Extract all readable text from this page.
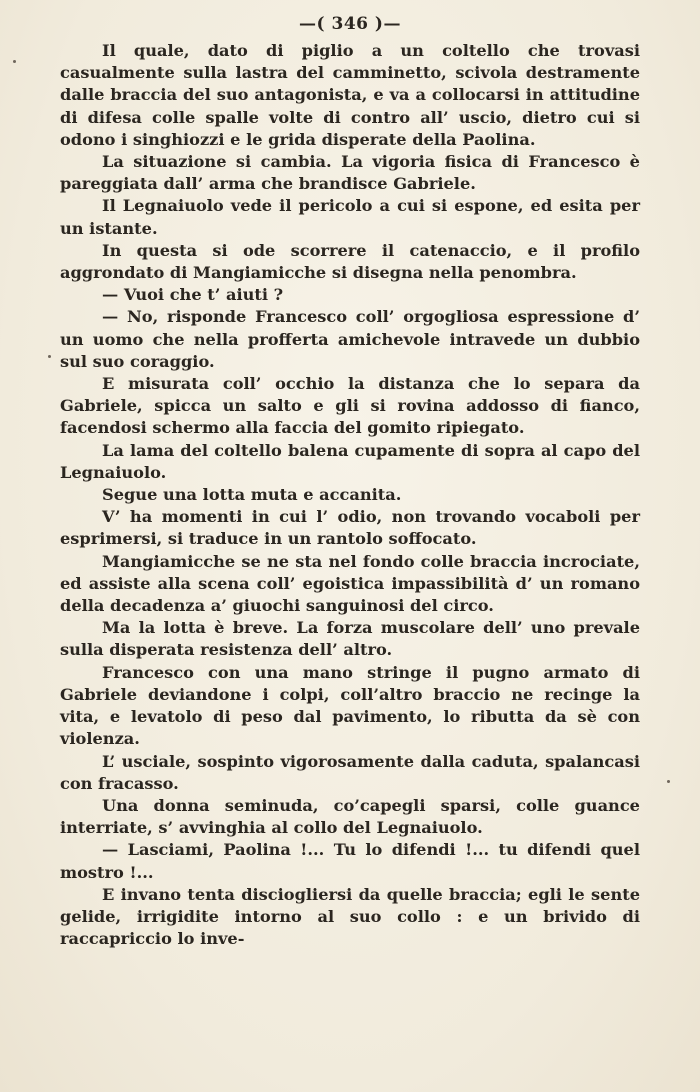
—( 346 )—

Il quale, dato di piglio a un coltello che trovasi casualmente sulla lastra del camminetto, scivola destramente dalle braccia del suo antagonista, e va a collocarsi in attitudine di difesa colle spalle volte di contro all’ uscio, dietro cui si odono i singhiozzi e le grida disperate della Paolina.

La situazione si cambia. La vigoria fisica di Francesco è pareggiata dall’ arma che brandisce Gabriele.

Il Legnaiuolo vede il pericolo a cui si espone, ed esita per un istante.

In questa si ode scorrere il catenaccio, e il profilo aggrondato di Mangiamicche si disegna nella penombra.

— Vuoi che t’ aiuti ?

— No, risponde Francesco coll’ orgogliosa espressione d’ un uomo che nella profferta amichevole intravede un dubbio sul suo coraggio.

E misurata coll’ occhio la distanza che lo separa da Gabriele, spicca un salto e gli si rovina addosso di fianco, facendosi schermo alla faccia del gomito ripiegato.

La lama del coltello balena cupamente di sopra al capo del Legnaiuolo.

Segue una lotta muta e accanita.

V’ ha momenti in cui l’ odio, non trovando vocaboli per esprimersi, si traduce in un rantolo soffocato.

Mangiamicche se ne sta nel fondo colle braccia incrociate, ed assiste alla scena coll’ egoistica impassibilità d’ un romano della decadenza a’ giuochi sanguinosi del circo.

Ma la lotta è breve. La forza muscolare dell’ uno prevale sulla disperata resistenza dell’ altro.

Francesco con una mano stringe il pugno armato di Gabriele deviandone i colpi, coll’altro braccio ne recinge la vita, e levatolo di peso dal pavimento, lo ributta da sè con violenza.

L’ usciale, sospinto vigorosamente dalla caduta, spalancasi con fracasso.

Una donna seminuda, co’capegli sparsi, colle guance interriate, s’ avvinghia al collo del Legnaiuolo.

— Lasciami, Paolina !... Tu lo difendi !... tu difendi quel mostro !...

E invano tenta disciogliersi da quelle braccia; egli le sente gelide, irrigidite intorno al suo collo : e un brivido di raccapriccio lo inve-
